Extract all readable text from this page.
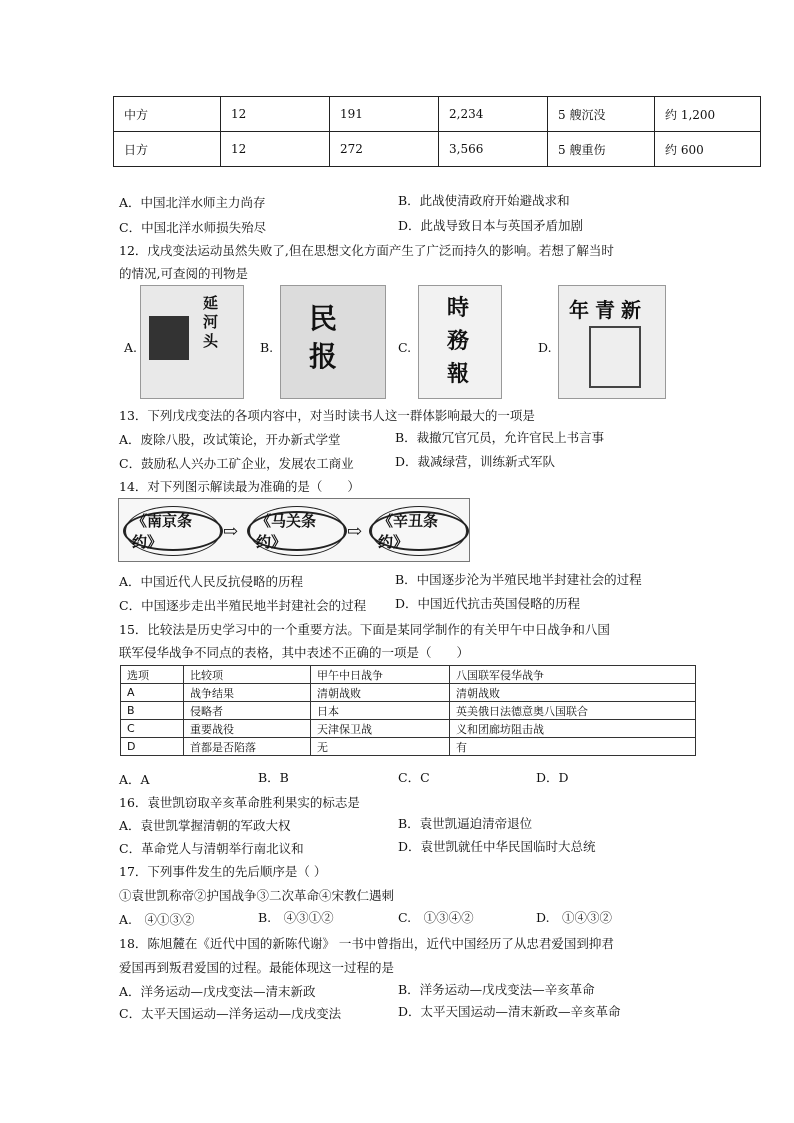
中方	12	191	2,234	5 艘沉没	约 1,200
日方	12	272	3,566	5 艘重伤	约 600
A．中国北洋水师主力尚存	B．此战使清政府开始避战求和
C．中国北洋水师损失殆尽	D．此战导致日本与英国矛盾加剧
12．戊戌变法运动虽然失败了,但在思想文化方面产生了广泛而持久的影响。若想了解当时
的情况,可查阅的刊物是
A.
延河头	B.
民报	C.
時務報
D.
年青新
13．下列戊戌变法的各项内容中，对当时读书人这一群体影响最大的一项是
A．废除八股，改试策论，开办新式学堂	B．裁撤冗官冗员，允许官民上书言事
C．鼓励私人兴办工矿企业，发展农工商业	D．裁减绿营，训练新式军队
14．对下列图示解读最为准确的是（　　）
《南京条约》	⇨	《马关条约》	⇨	《辛丑条约》
A．中国近代人民反抗侵略的历程	B．中国逐步沦为半殖民地半封建社会的过程
C．中国逐步走出半殖民地半封建社会的过程 D．中国近代抗击英国侵略的历程
15．比较法是历史学习中的一个重要方法。下面是某同学制作的有关甲午中日战争和八国
联军侵华战争不同点的表格，其中表述不正确的一项是（　　）
选项	比较项	甲午中日战争	八国联军侵华战争
A	战争结果	清朝战败	清朝战败
B	侵略者	日本	英美俄日法德意奥八国联合
C	重要战役	天津保卫战	义和团廊坊阻击战
D	首都是否陷落	无	有
A．A	B．B	C．C	D．D
16．袁世凯窃取辛亥革命胜利果实的标志是
A．袁世凯掌握清朝的军政大权	B．袁世凯逼迫清帝退位
C．革命党人与清朝举行南北议和	D．袁世凯就任中华民国临时大总统
17．下列事件发生的先后顺序是（ ）
①袁世凯称帝②护国战争③二次革命④宋教仁遇刺
A.　④①③②	B.　④③①②	C.　①③④②	D.　①④③②
18．陈旭麓在《近代中国的新陈代谢》 一书中曾指出，近代中国经历了从忠君爱国到抑君
爱国再到叛君爱国的过程。最能体现这一过程的是
A．洋务运动—戊戌变法—清末新政	B．洋务运动—戊戌变法—辛亥革命
C．太平天国运动—洋务运动—戊戌变法	D．太平天国运动—清末新政—辛亥革命
